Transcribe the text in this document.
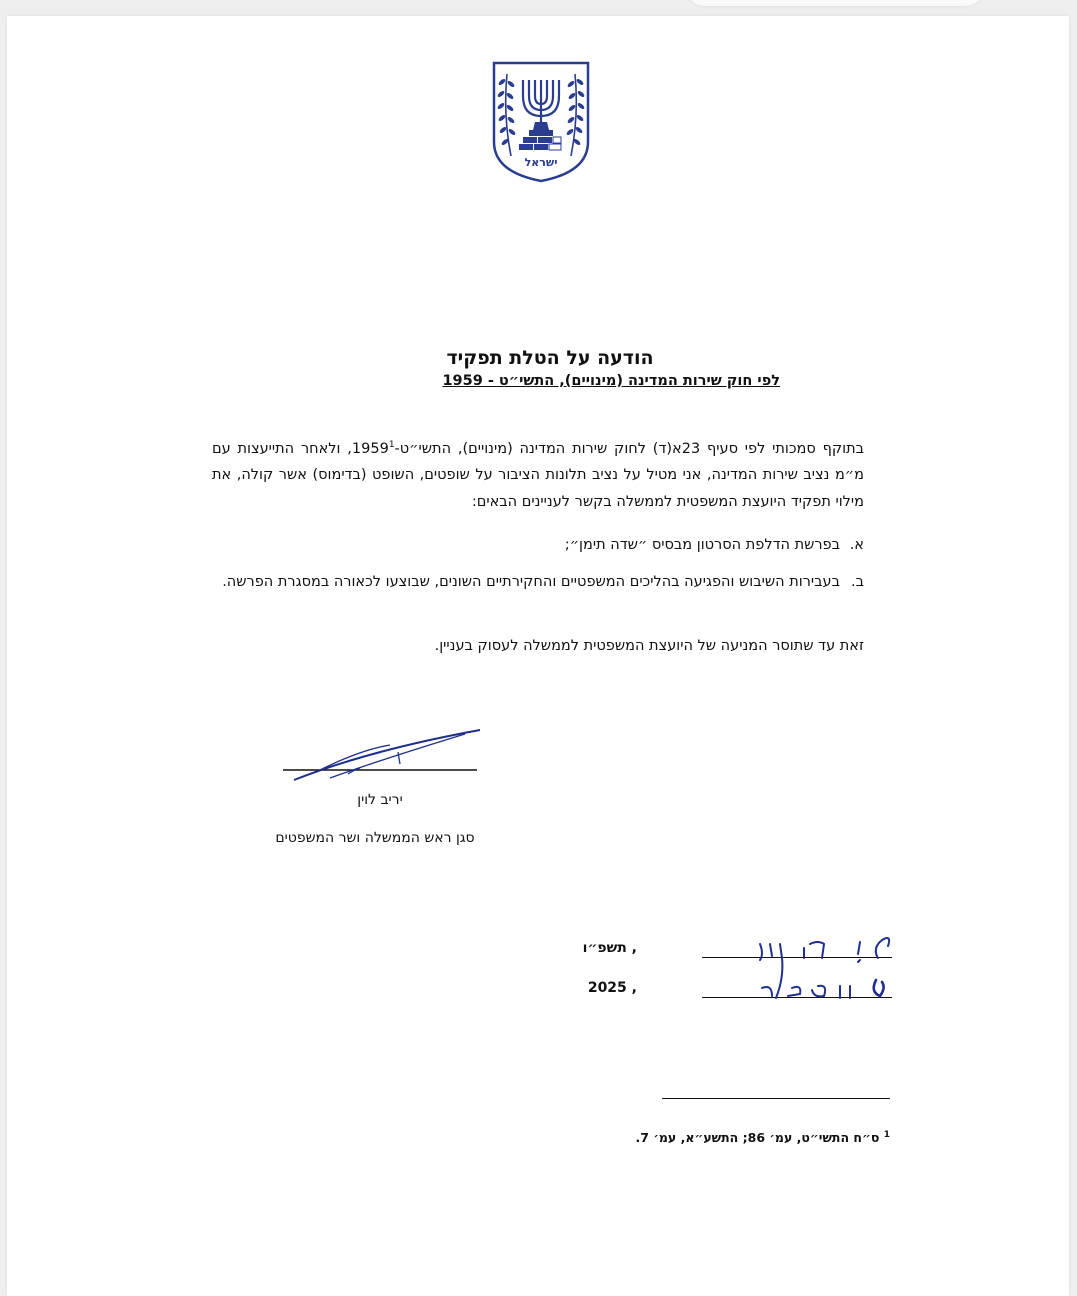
ישראל
הודעה על הטלת תפקיד
לפי חוק שירות המדינה (מינויים), התשי״ט - 1959
בתוקף סמכותי לפי סעיף 23א(ד) לחוק שירות המדינה (מינויים), התשי״ט-1959$^1$, ולאחר התייעצות עם מ״מ נציב שירות המדינה, אני מטיל על נציב תלונות הציבור על שופטים, השופט (בדימוס) אשר קולה, את מילוי תפקיד היועצת המשפטית לממשלה בקשר לעניינים הבאים:
א.
בפרשת הדלפת הסרטון מבסיס ״שדה תימן״;
ב.
בעבירות השיבוש והפגיעה בהליכים המשפטיים והחקירתיים השונים, שבוצעו לכאורה במסגרת הפרשה.
זאת עד שתוסר המניעה של היועצת המשפטית לממשלה לעסוק בעניין.
יריב לוין
סגן ראש הממשלה ושר המשפטים
, תשפ״ו
, 2025
$^1$ ס״ח התשי״ט, עמ׳ 86; התשע״א, עמ׳ 7.
